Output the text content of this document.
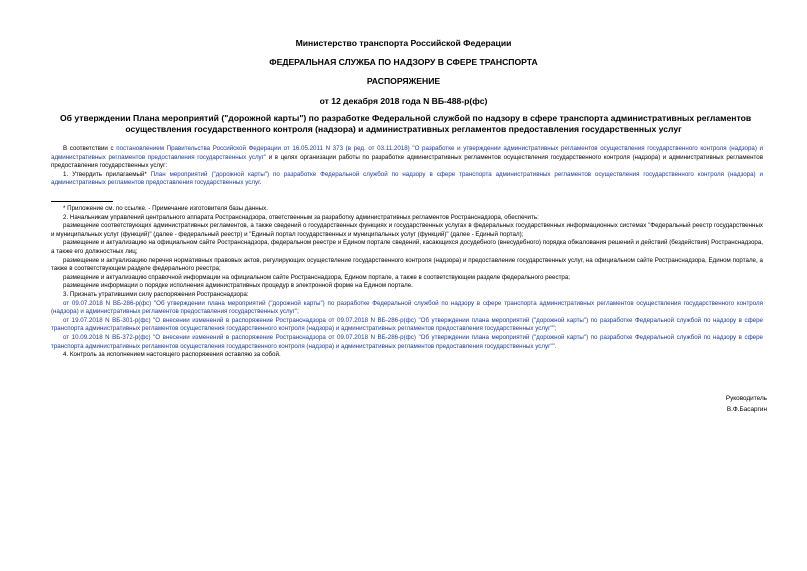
Министерство транспорта Российской Федерации
ФЕДЕРАЛЬНАЯ СЛУЖБА ПО НАДЗОРУ В СФЕРЕ ТРАНСПОРТА
РАСПОРЯЖЕНИЕ
от 12 декабря 2018 года N ВБ-488-р(фс)
Об утверждении Плана мероприятий ("дорожной карты") по разработке Федеральной службой по надзору в сфере транспорта административных регламентов
осуществления государственного контроля (надзора) и административных регламентов предоставления государственных услуг

В соответствии с постановлением Правительства Российской Федерации от 16.05.2011 N 373 (в ред. от 03.11.2018) "О разработке и утверждении административных регламентов осуществления государственного контроля (надзора) и административных регламентов предоставления государственных услуг" и в целях организации работы по разработке административных регламентов осуществления государственного контроля (надзора) и административных регламентов предоставления государственных услуг:

1. Утвердить прилагаемый* План мероприятий ("дорожной карты") по разработке Федеральной службой по надзору в сфере транспорта административных регламентов осуществления государственного контроля (надзора) и административных регламентов предоставления государственных услуг.

* Приложение см. по ссылке. - Примечание изготовителя базы данных.

2. Начальникам управлений центрального аппарата Ространснадзора, ответственным за разработку административных регламентов Ространснадзора, обеспечить:

размещение соответствующих административных регламентов, а также сведений о государственных функциях и государственных услугах в федеральных государственных информационных системах "Федеральный реестр государственных и муниципальных услуг (функций)" (далее - федеральный реестр) и "Единый портал государственных и муниципальных услуг (функций)" (далее - Единый портал);

размещение и актуализацию на официальном сайте Ространснадзора, федеральном реестре и Едином портале сведений, касающихся досудебного (внесудебного) порядка обжалования решений и действий (бездействия) Ространснадзора, а также его должностных лиц;

размещение и актуализацию перечня нормативных правовых актов, регулирующих осуществление государственного контроля (надзора) и предоставление государственных услуг, на официальном сайте Ространснадзора, Едином портале, а также в соответствующем разделе федерального реестра;

размещение и актуализацию справочной информации на официальном сайте Ространснадзора, Едином портале, а также в соответствующем разделе федерального реестра;

размещение информации о порядке исполнения административных процедур в электронной форме на Едином портале.

3. Признать утратившими силу распоряжения Ространснадзора:

от 09.07.2018 N ВБ-286-р(фс) "Об утверждении плана мероприятий ("дорожной карты") по разработке Федеральной службой по надзору в сфере транспорта административных регламентов осуществления государственного контроля (надзора) и административных регламентов предоставления государственных услуг";

от 19.07.2018 N ВБ-301-р(фс) "О внесении изменений в распоряжение Ространснадзора от 09.07.2018 N ВБ-286-р(фс) "Об утверждении плана мероприятий ("дорожной карты") по разработке Федеральной службой по надзору в сфере транспорта административных регламентов осуществления государственного контроля (надзора) и административных регламентов предоставления государственных услуг"";

от 10.09.2018 N ВБ-372-р(фс) "О внесении изменений в распоряжение Ространснадзора от 09.07.2018 N ВБ-286-р(фс) "Об утверждении плана мероприятий ("дорожной карты") по разработке Федеральной службой по надзору в сфере транспорта административных регламентов осуществления государственного контроля (надзора) и административных регламентов предоставления государственных услуг"".

4. Контроль за исполнением настоящего распоряжения оставляю за собой.

Руководитель
В.Ф.Басаргин
